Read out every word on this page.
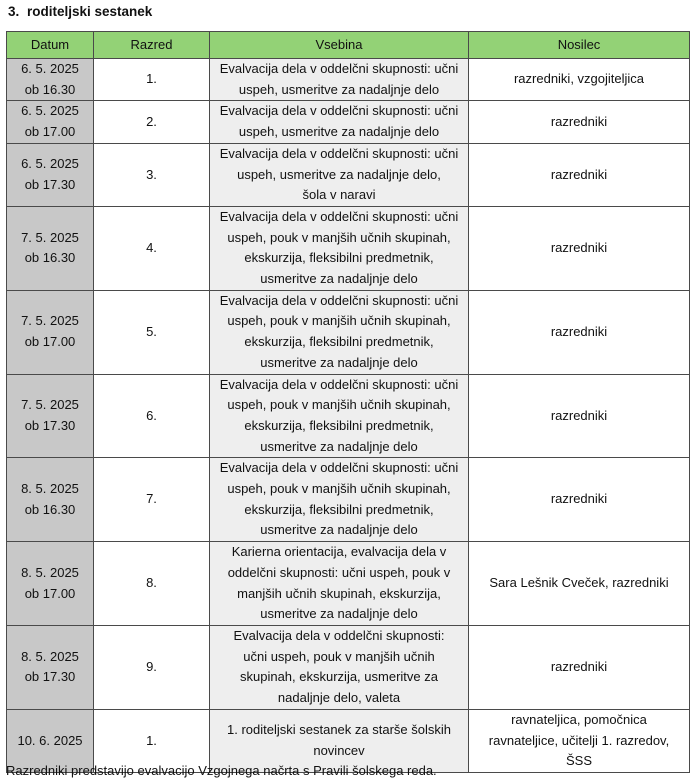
3. roditeljski sestanek
Datum	Razred	Vsebina	Nosilec
6. 5. 2025
ob 16.30	1.	Evalvacija dela v oddelčni skupnosti: učni
uspeh, usmeritve za nadaljnje delo	razredniki, vzgojiteljica
6. 5. 2025
ob 17.00	2.	Evalvacija dela v oddelčni skupnosti: učni
uspeh, usmeritve za nadaljnje delo	razredniki
6. 5. 2025
ob 17.30	3.	Evalvacija dela v oddelčni skupnosti: učni
uspeh, usmeritve za nadaljnje delo,
šola v naravi	razredniki
7. 5. 2025
ob 16.30	4.	Evalvacija dela v oddelčni skupnosti: učni
uspeh, pouk v manjših učnih skupinah,
ekskurzija, fleksibilni predmetnik,
usmeritve za nadaljnje delo	razredniki
7. 5. 2025
ob 17.00	5.	Evalvacija dela v oddelčni skupnosti: učni
uspeh, pouk v manjših učnih skupinah,
ekskurzija, fleksibilni predmetnik,
usmeritve za nadaljnje delo	razredniki
7. 5. 2025
ob 17.30	6.	Evalvacija dela v oddelčni skupnosti: učni
uspeh, pouk v manjših učnih skupinah,
ekskurzija, fleksibilni predmetnik,
usmeritve za nadaljnje delo	razredniki
8. 5. 2025
ob 16.30	7.	Evalvacija dela v oddelčni skupnosti: učni
uspeh, pouk v manjših učnih skupinah,
ekskurzija, fleksibilni predmetnik,
usmeritve za nadaljnje delo	razredniki
8. 5. 2025
ob 17.00	8.	Karierna orientacija, evalvacija dela v
oddelčni skupnosti: učni uspeh, pouk v
manjših učnih skupinah, ekskurzija,
usmeritve za nadaljnje delo	Sara Lešnik Cveček, razredniki
8. 5. 2025
ob 17.30	9.	Evalvacija dela v oddelčni skupnosti:
učni uspeh, pouk v manjših učnih
skupinah, ekskurzija, usmeritve za
nadaljnje delo, valeta	razredniki
10. 6. 2025	1.	1. roditeljski sestanek za starše šolskih
novincev	ravnateljica, pomočnica
ravnateljice, učitelji 1. razredov,
ŠSS
Razredniki predstavijo evalvacijo Vzgojnega načrta s Pravili šolskega reda.
